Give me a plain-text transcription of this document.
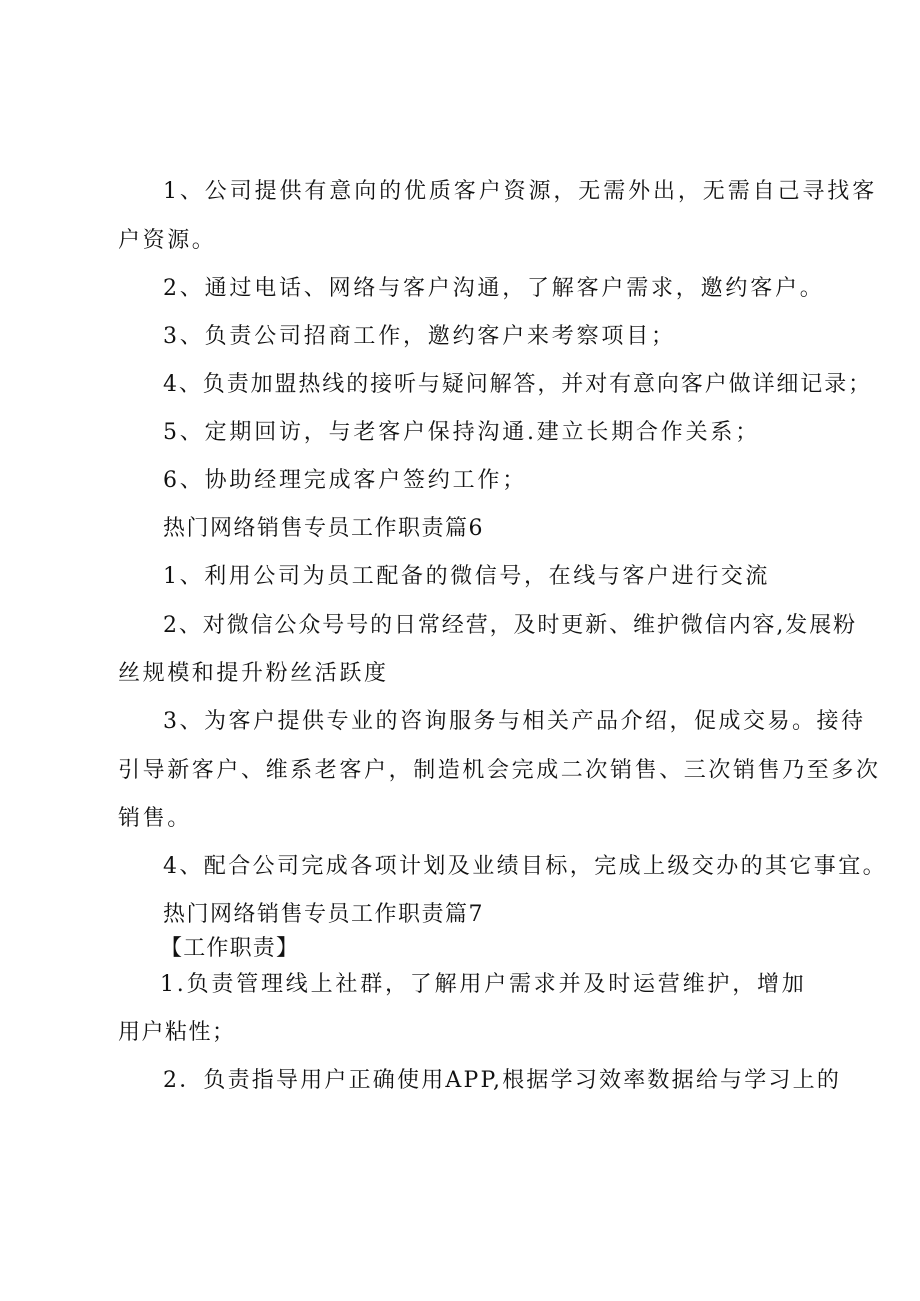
1、公司提供有意向的优质客户资源，无需外出，无需自己寻找客
户资源。
2、通过电话、网络与客户沟通，了解客户需求，邀约客户。
3、负责公司招商工作，邀约客户来考察项目；
4、负责加盟热线的接听与疑问解答，并对有意向客户做详细记录；
5、定期回访，与老客户保持沟通.建立长期合作关系；
6、协助经理完成客户签约工作；
热门网络销售专员工作职责篇6
1、利用公司为员工配备的微信号，在线与客户进行交流
2、对微信公众号号的日常经营，及时更新、维护微信内容,发展粉
丝规模和提升粉丝活跃度
3、为客户提供专业的咨询服务与相关产品介绍，促成交易。接待
引导新客户、维系老客户，制造机会完成二次销售、三次销售乃至多次
销售。
4、配合公司完成各项计划及业绩目标，完成上级交办的其它事宜。
热门网络销售专员工作职责篇7
【工作职责】
1.负责管理线上社群，了解用户需求并及时运营维护，增加
用户粘性；
2．负责指导用户正确使用APP,根据学习效率数据给与学习上的
